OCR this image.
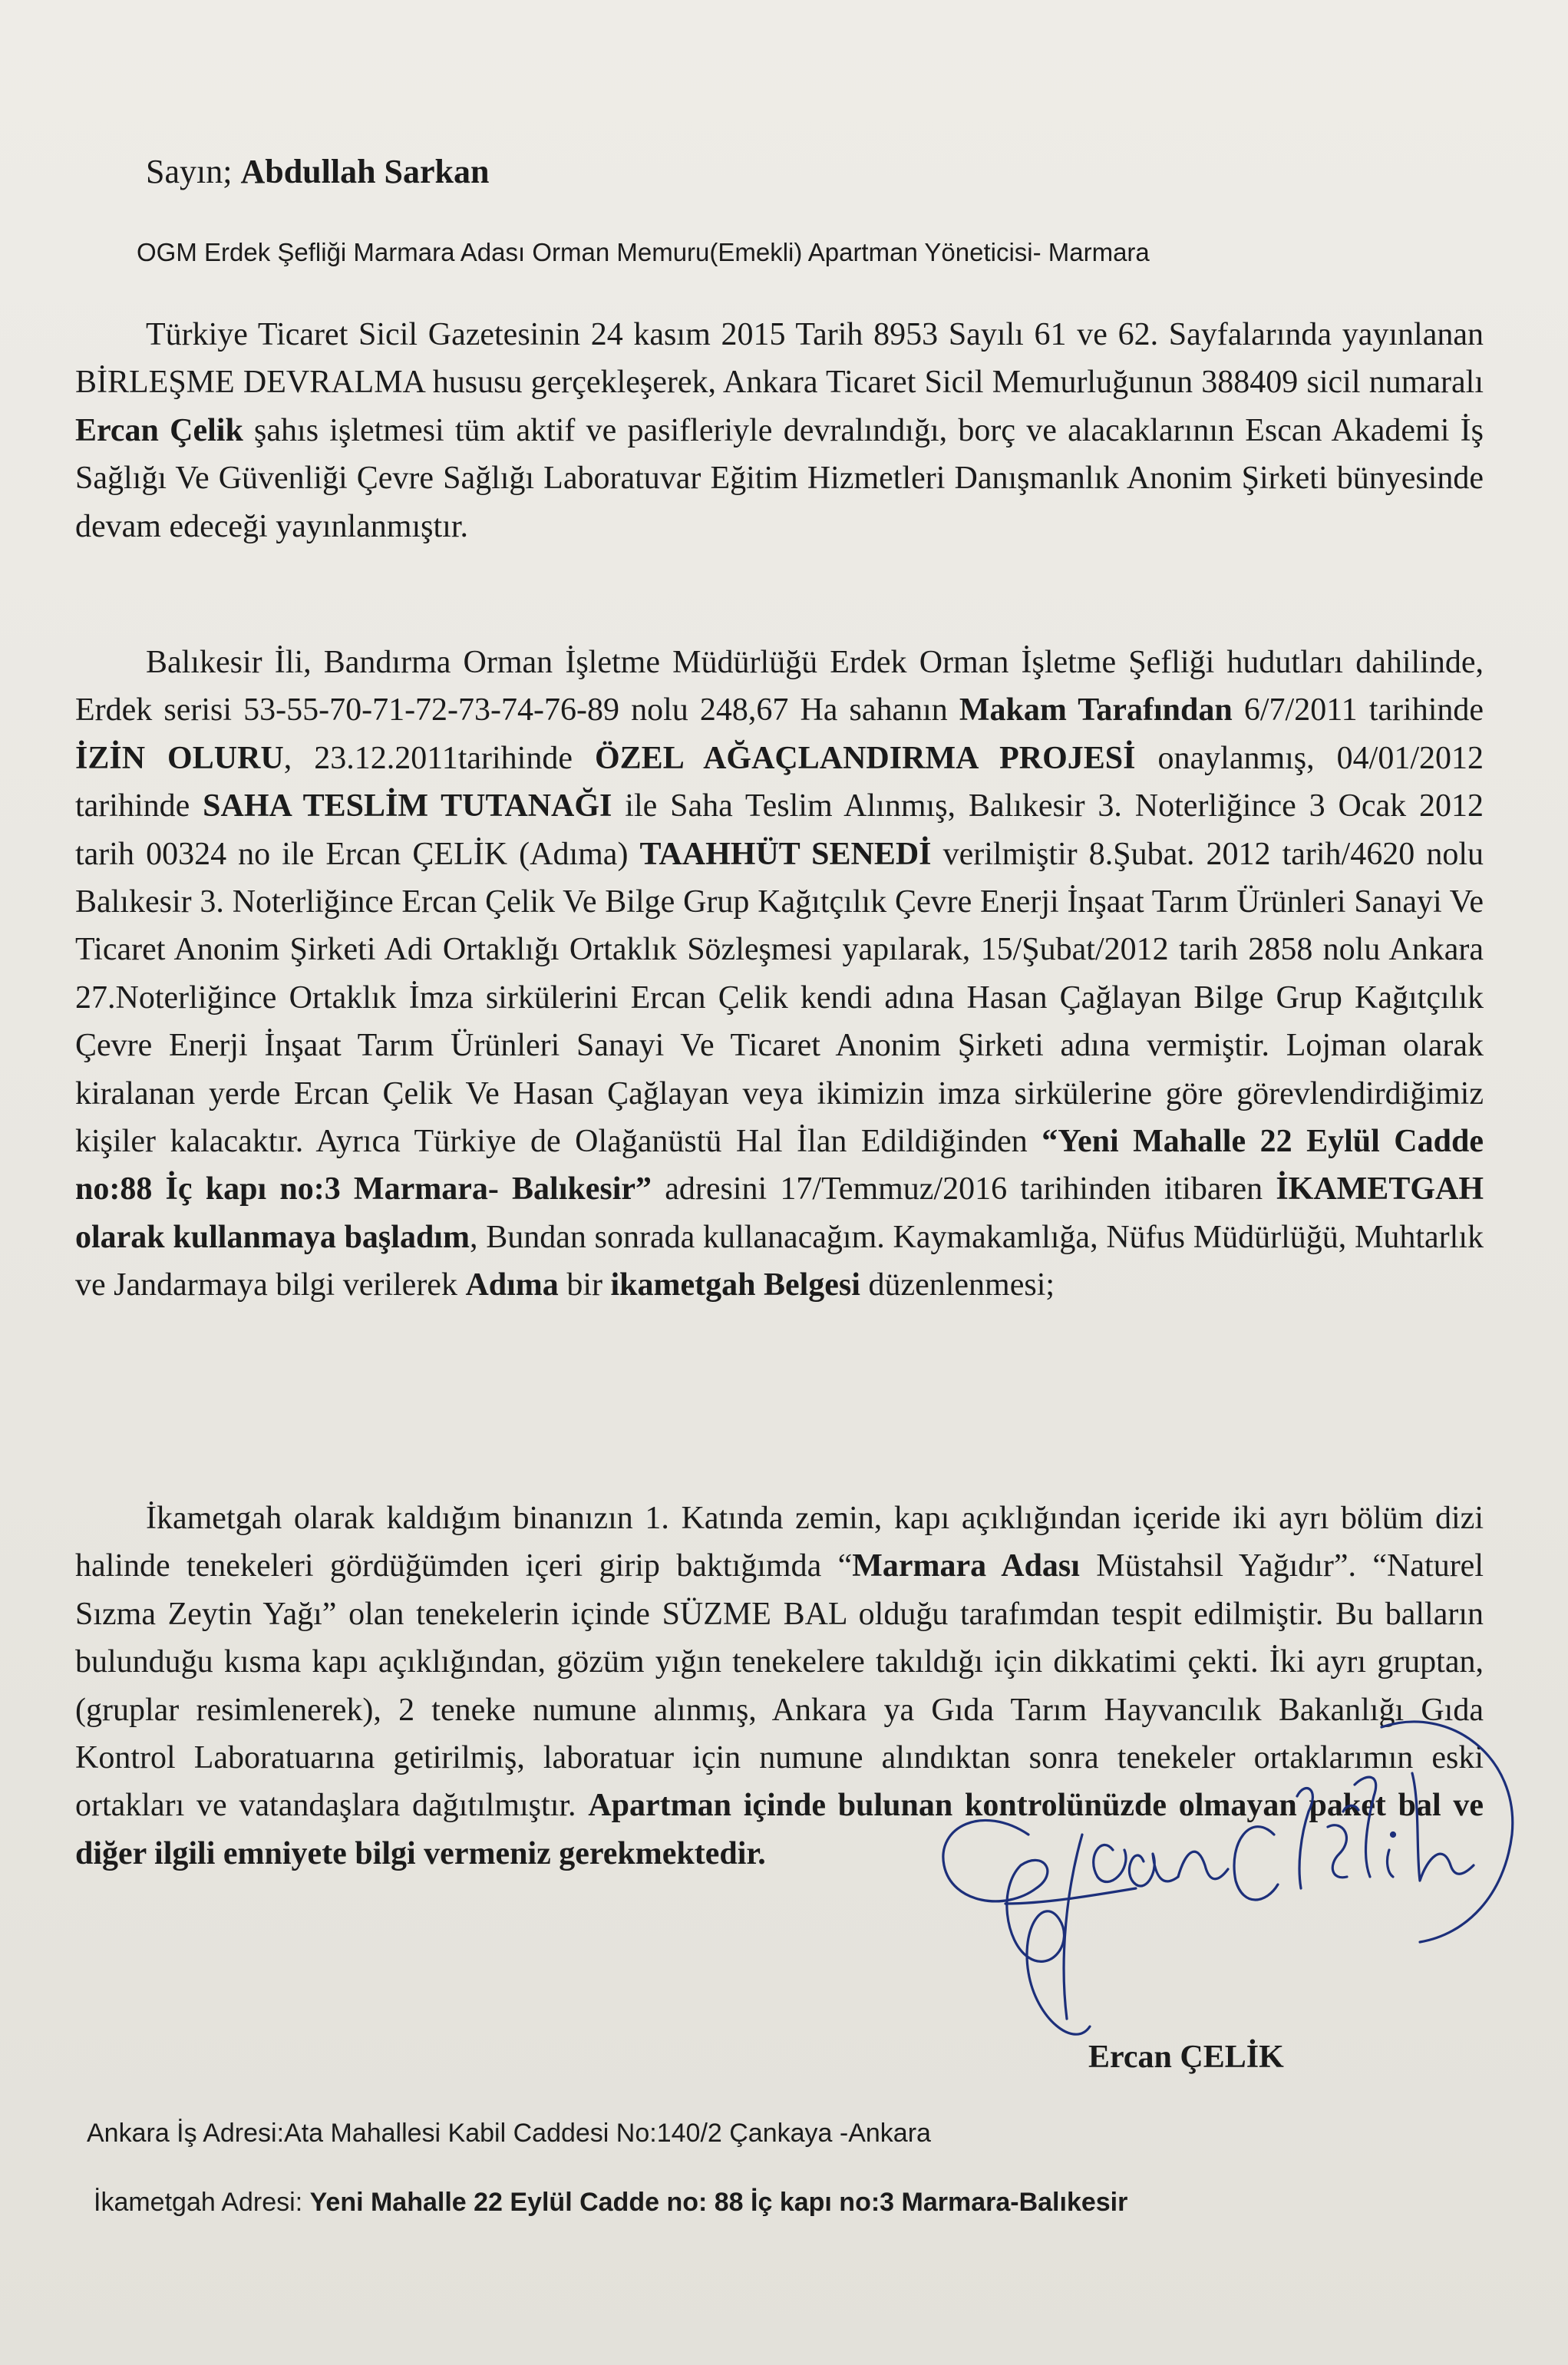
Sayın; Abdullah Sarkan
OGM Erdek Şefliği Marmara Adası Orman Memuru(Emekli) Apartman Yöneticisi- Marmara
Türkiye Ticaret Sicil Gazetesinin 24 kasım 2015 Tarih 8953 Sayılı 61 ve 62. Sayfalarında yayınlanan BİRLEŞME DEVRALMA hususu gerçekleşerek, Ankara Ticaret Sicil Memurluğunun 388409 sicil numaralı Ercan Çelik şahıs işletmesi tüm aktif ve pasifleriyle devralındığı, borç ve alacaklarının Escan Akademi İş Sağlığı Ve Güvenliği Çevre Sağlığı Laboratuvar Eğitim Hizmetleri Danışmanlık Anonim Şirketi bünyesinde devam edeceği yayınlanmıştır.
Balıkesir İli, Bandırma Orman İşletme Müdürlüğü Erdek Orman İşletme Şefliği hudutları dahilinde, Erdek serisi 53-55-70-71-72-73-74-76-89 nolu 248,67 Ha sahanın Makam Tarafından 6/7/2011 tarihinde İZİN OLURU, 23.12.2011tarihinde ÖZEL AĞAÇLANDIRMA PROJESİ onaylanmış, 04/01/2012 tarihinde SAHA TESLİM TUTANAĞI ile Saha Teslim Alınmış, Balıkesir 3. Noterliğince 3 Ocak 2012 tarih 00324 no ile Ercan ÇELİK (Adıma) TAAHHÜT SENEDİ verilmiştir 8.Şubat. 2012 tarih/4620 nolu Balıkesir 3. Noterliğince Ercan Çelik Ve Bilge Grup Kağıtçılık Çevre Enerji İnşaat Tarım Ürünleri Sanayi Ve Ticaret Anonim Şirketi Adi Ortaklığı Ortaklık Sözleşmesi yapılarak, 15/Şubat/2012 tarih 2858 nolu Ankara 27.Noterliğince Ortaklık İmza sirkülerini Ercan Çelik kendi adına Hasan Çağlayan Bilge Grup Kağıtçılık Çevre Enerji İnşaat Tarım Ürünleri Sanayi Ve Ticaret Anonim Şirketi adına vermiştir. Lojman olarak kiralanan yerde Ercan Çelik Ve Hasan Çağlayan veya ikimizin imza sirkülerine göre görevlendirdiğimiz kişiler kalacaktır. Ayrıca Türkiye de Olağanüstü Hal İlan Edildiğinden “Yeni Mahalle 22 Eylül Cadde no:88 İç kapı no:3 Marmara- Balıkesir” adresini 17/Temmuz/2016 tarihinden itibaren İKAMETGAH olarak kullanmaya başladım, Bundan sonrada kullanacağım. Kaymakamlığa, Nüfus Müdürlüğü, Muhtarlık ve Jandarmaya bilgi verilerek Adıma bir ikametgah Belgesi düzenlenmesi;
İkametgah olarak kaldığım binanızın 1. Katında zemin, kapı açıklığından içeride iki ayrı bölüm dizi halinde tenekeleri gördüğümden içeri girip baktığımda “Marmara Adası Müstahsil Yağıdır”. “Naturel Sızma Zeytin Yağı” olan tenekelerin içinde SÜZME BAL olduğu tarafımdan tespit edilmiştir. Bu balların bulunduğu kısma kapı açıklığından, gözüm yığın tenekelere takıldığı için dikkatimi çekti. İki ayrı gruptan, (gruplar resimlenerek), 2 teneke numune alınmış, Ankara ya Gıda Tarım Hayvancılık Bakanlığı Gıda Kontrol Laboratuarına getirilmiş, laboratuar için numune alındıktan sonra tenekeler ortaklarımın eski ortakları ve vatandaşlara dağıtılmıştır. Apartman içinde bulunan kontrolünüzde olmayan paket bal ve diğer ilgili emniyete bilgi vermeniz gerekmektedir.
Ercan ÇELİK
Ankara İş Adresi:Ata Mahallesi Kabil Caddesi No:140/2 Çankaya -Ankara
İkametgah Adresi: Yeni Mahalle 22 Eylül Cadde no: 88 İç kapı no:3 Marmara-Balıkesir
